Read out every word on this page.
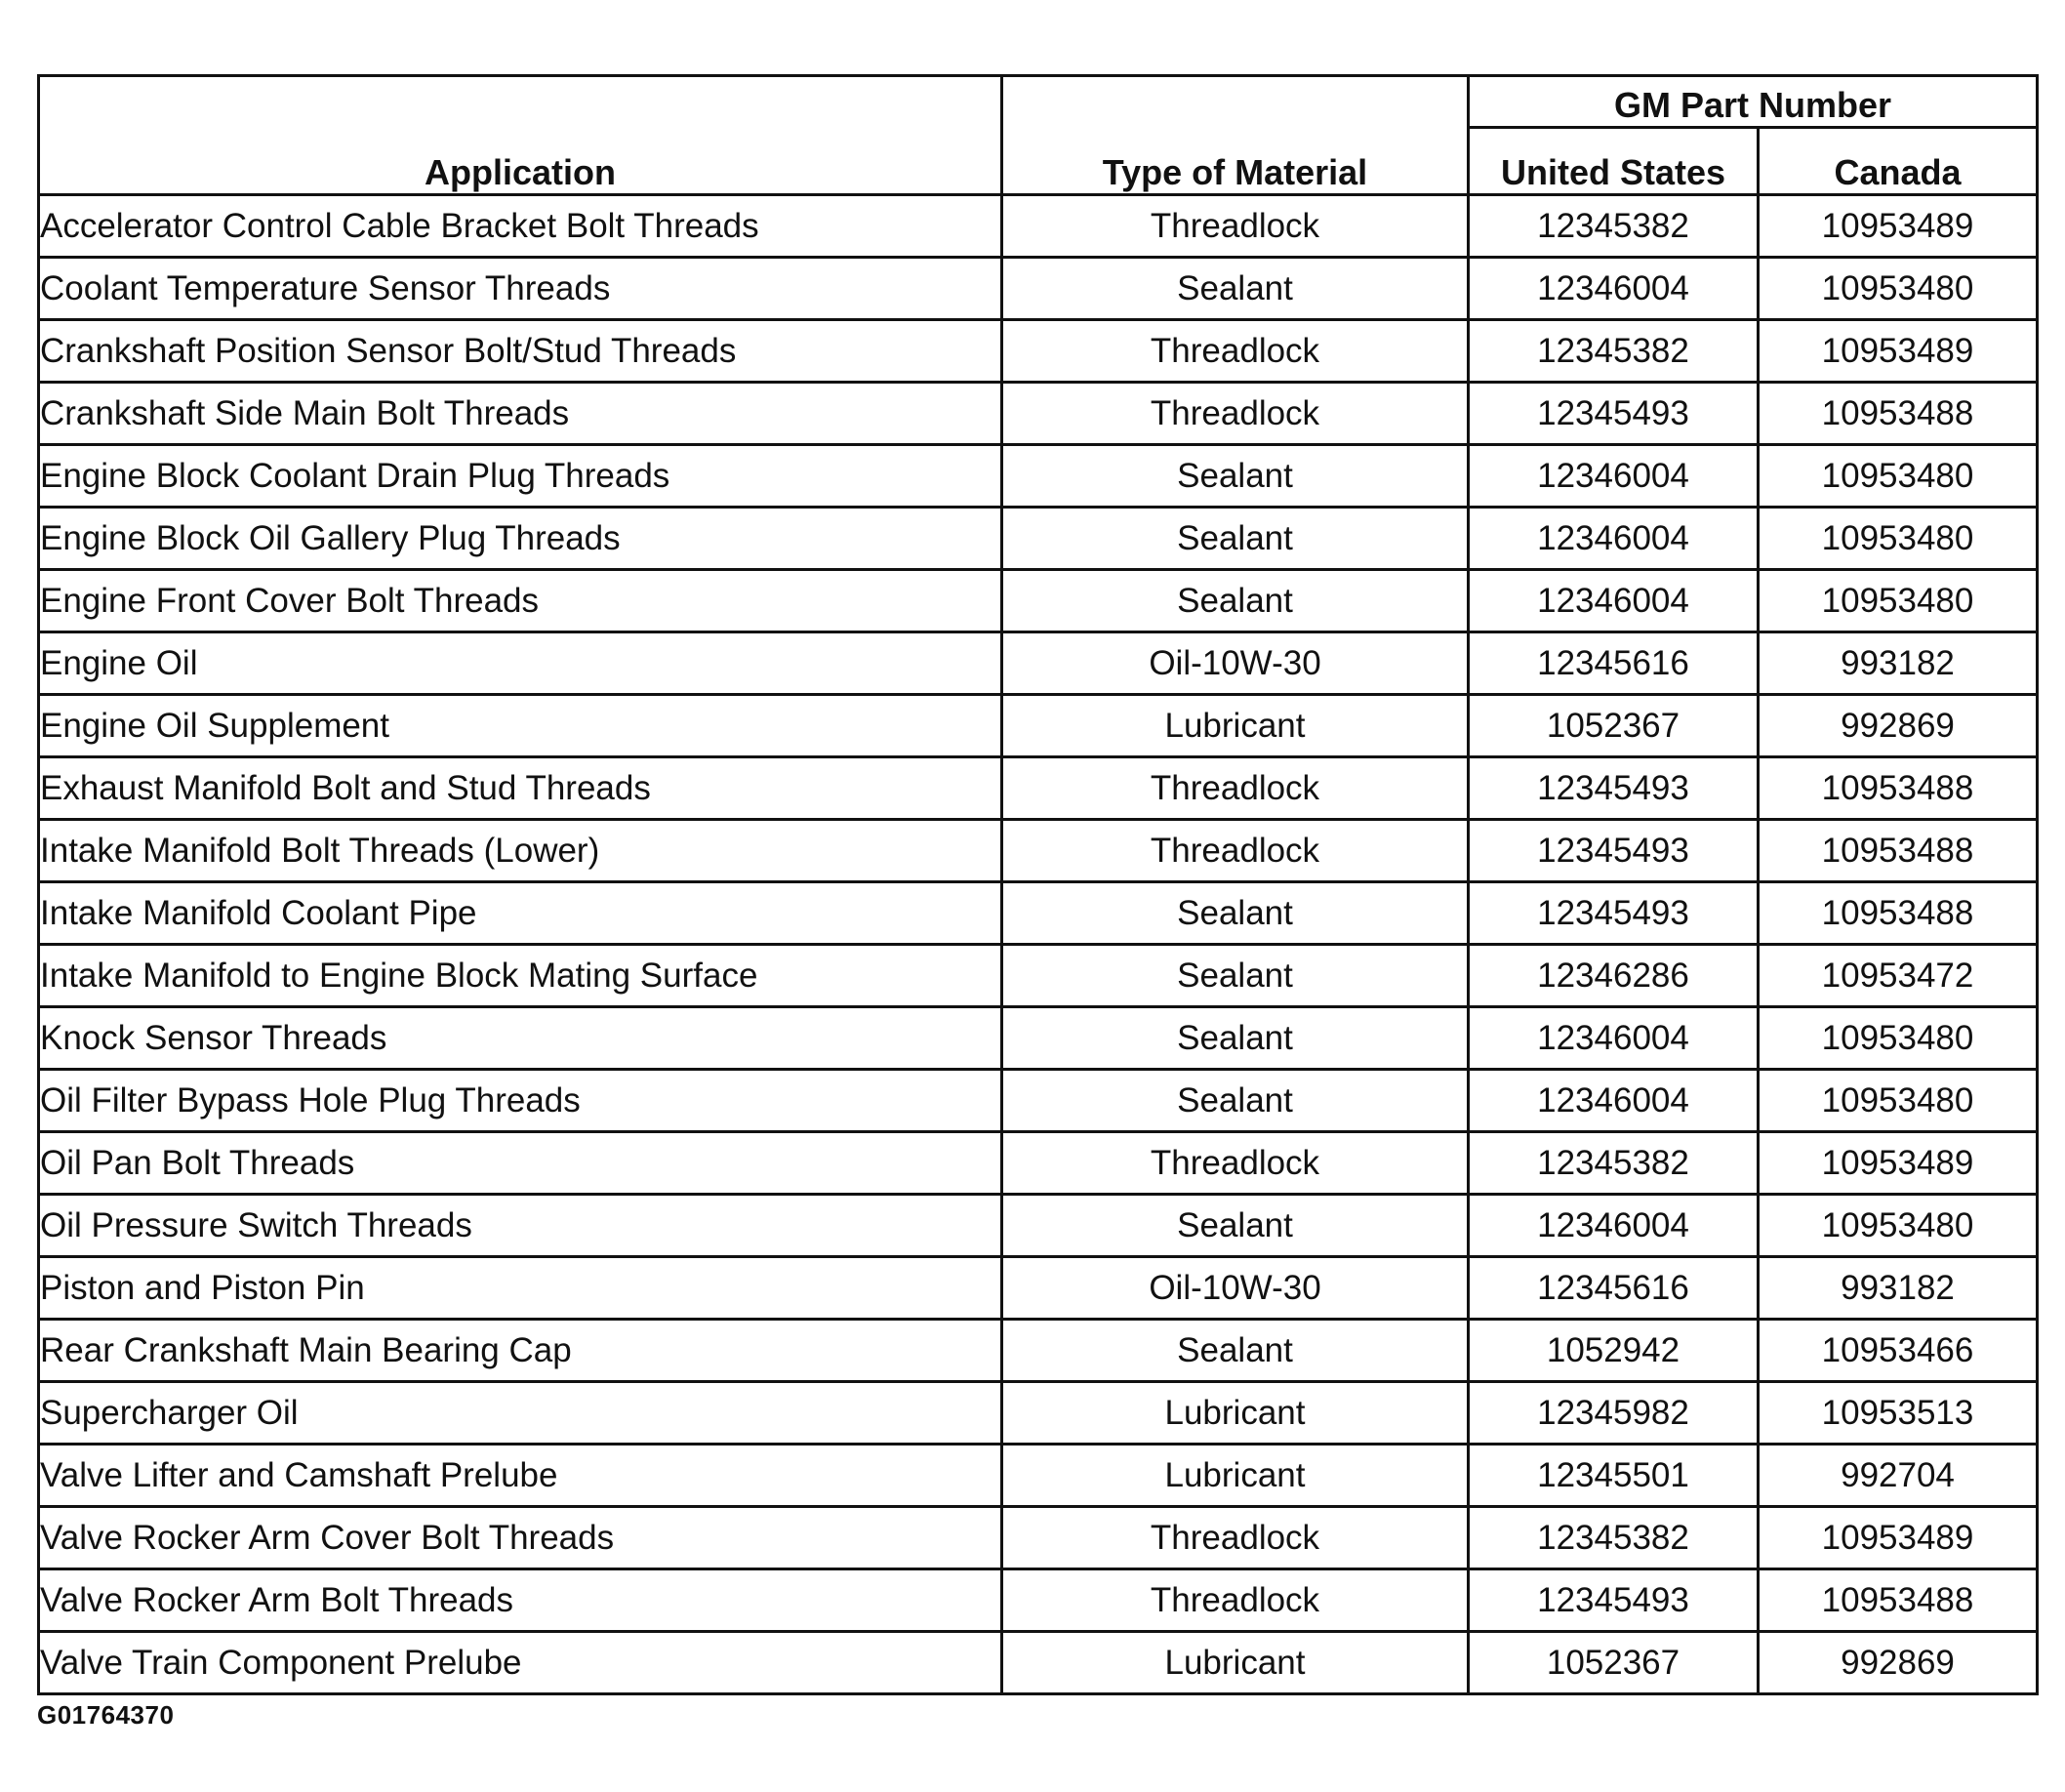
Application	Type of Material	GM Part Number	
		United States	Canada
Accelerator Control Cable Bracket Bolt Threads	Threadlock	12345382	10953489
Coolant Temperature Sensor Threads	Sealant	12346004	10953480
Crankshaft Position Sensor Bolt/Stud Threads	Threadlock	12345382	10953489
Crankshaft Side Main Bolt Threads	Threadlock	12345493	10953488
Engine Block Coolant Drain Plug Threads	Sealant	12346004	10953480
Engine Block Oil Gallery Plug Threads	Sealant	12346004	10953480
Engine Front Cover Bolt Threads	Sealant	12346004	10953480
Engine Oil	Oil-10W-30	12345616	993182
Engine Oil Supplement	Lubricant	1052367	992869
Exhaust Manifold Bolt and Stud Threads	Threadlock	12345493	10953488
Intake Manifold Bolt Threads (Lower)	Threadlock	12345493	10953488
Intake Manifold Coolant Pipe	Sealant	12345493	10953488
Intake Manifold to Engine Block Mating Surface	Sealant	12346286	10953472
Knock Sensor Threads	Sealant	12346004	10953480
Oil Filter Bypass Hole Plug Threads	Sealant	12346004	10953480
Oil Pan Bolt Threads	Threadlock	12345382	10953489
Oil Pressure Switch Threads	Sealant	12346004	10953480
Piston and Piston Pin	Oil-10W-30	12345616	993182
Rear Crankshaft Main Bearing Cap	Sealant	1052942	10953466
Supercharger Oil	Lubricant	12345982	10953513
Valve Lifter and Camshaft Prelube	Lubricant	12345501	992704
Valve Rocker Arm Cover Bolt Threads	Threadlock	12345382	10953489
Valve Rocker Arm Bolt Threads	Threadlock	12345493	10953488
Valve Train Component Prelube	Lubricant	1052367	992869
G01764370
